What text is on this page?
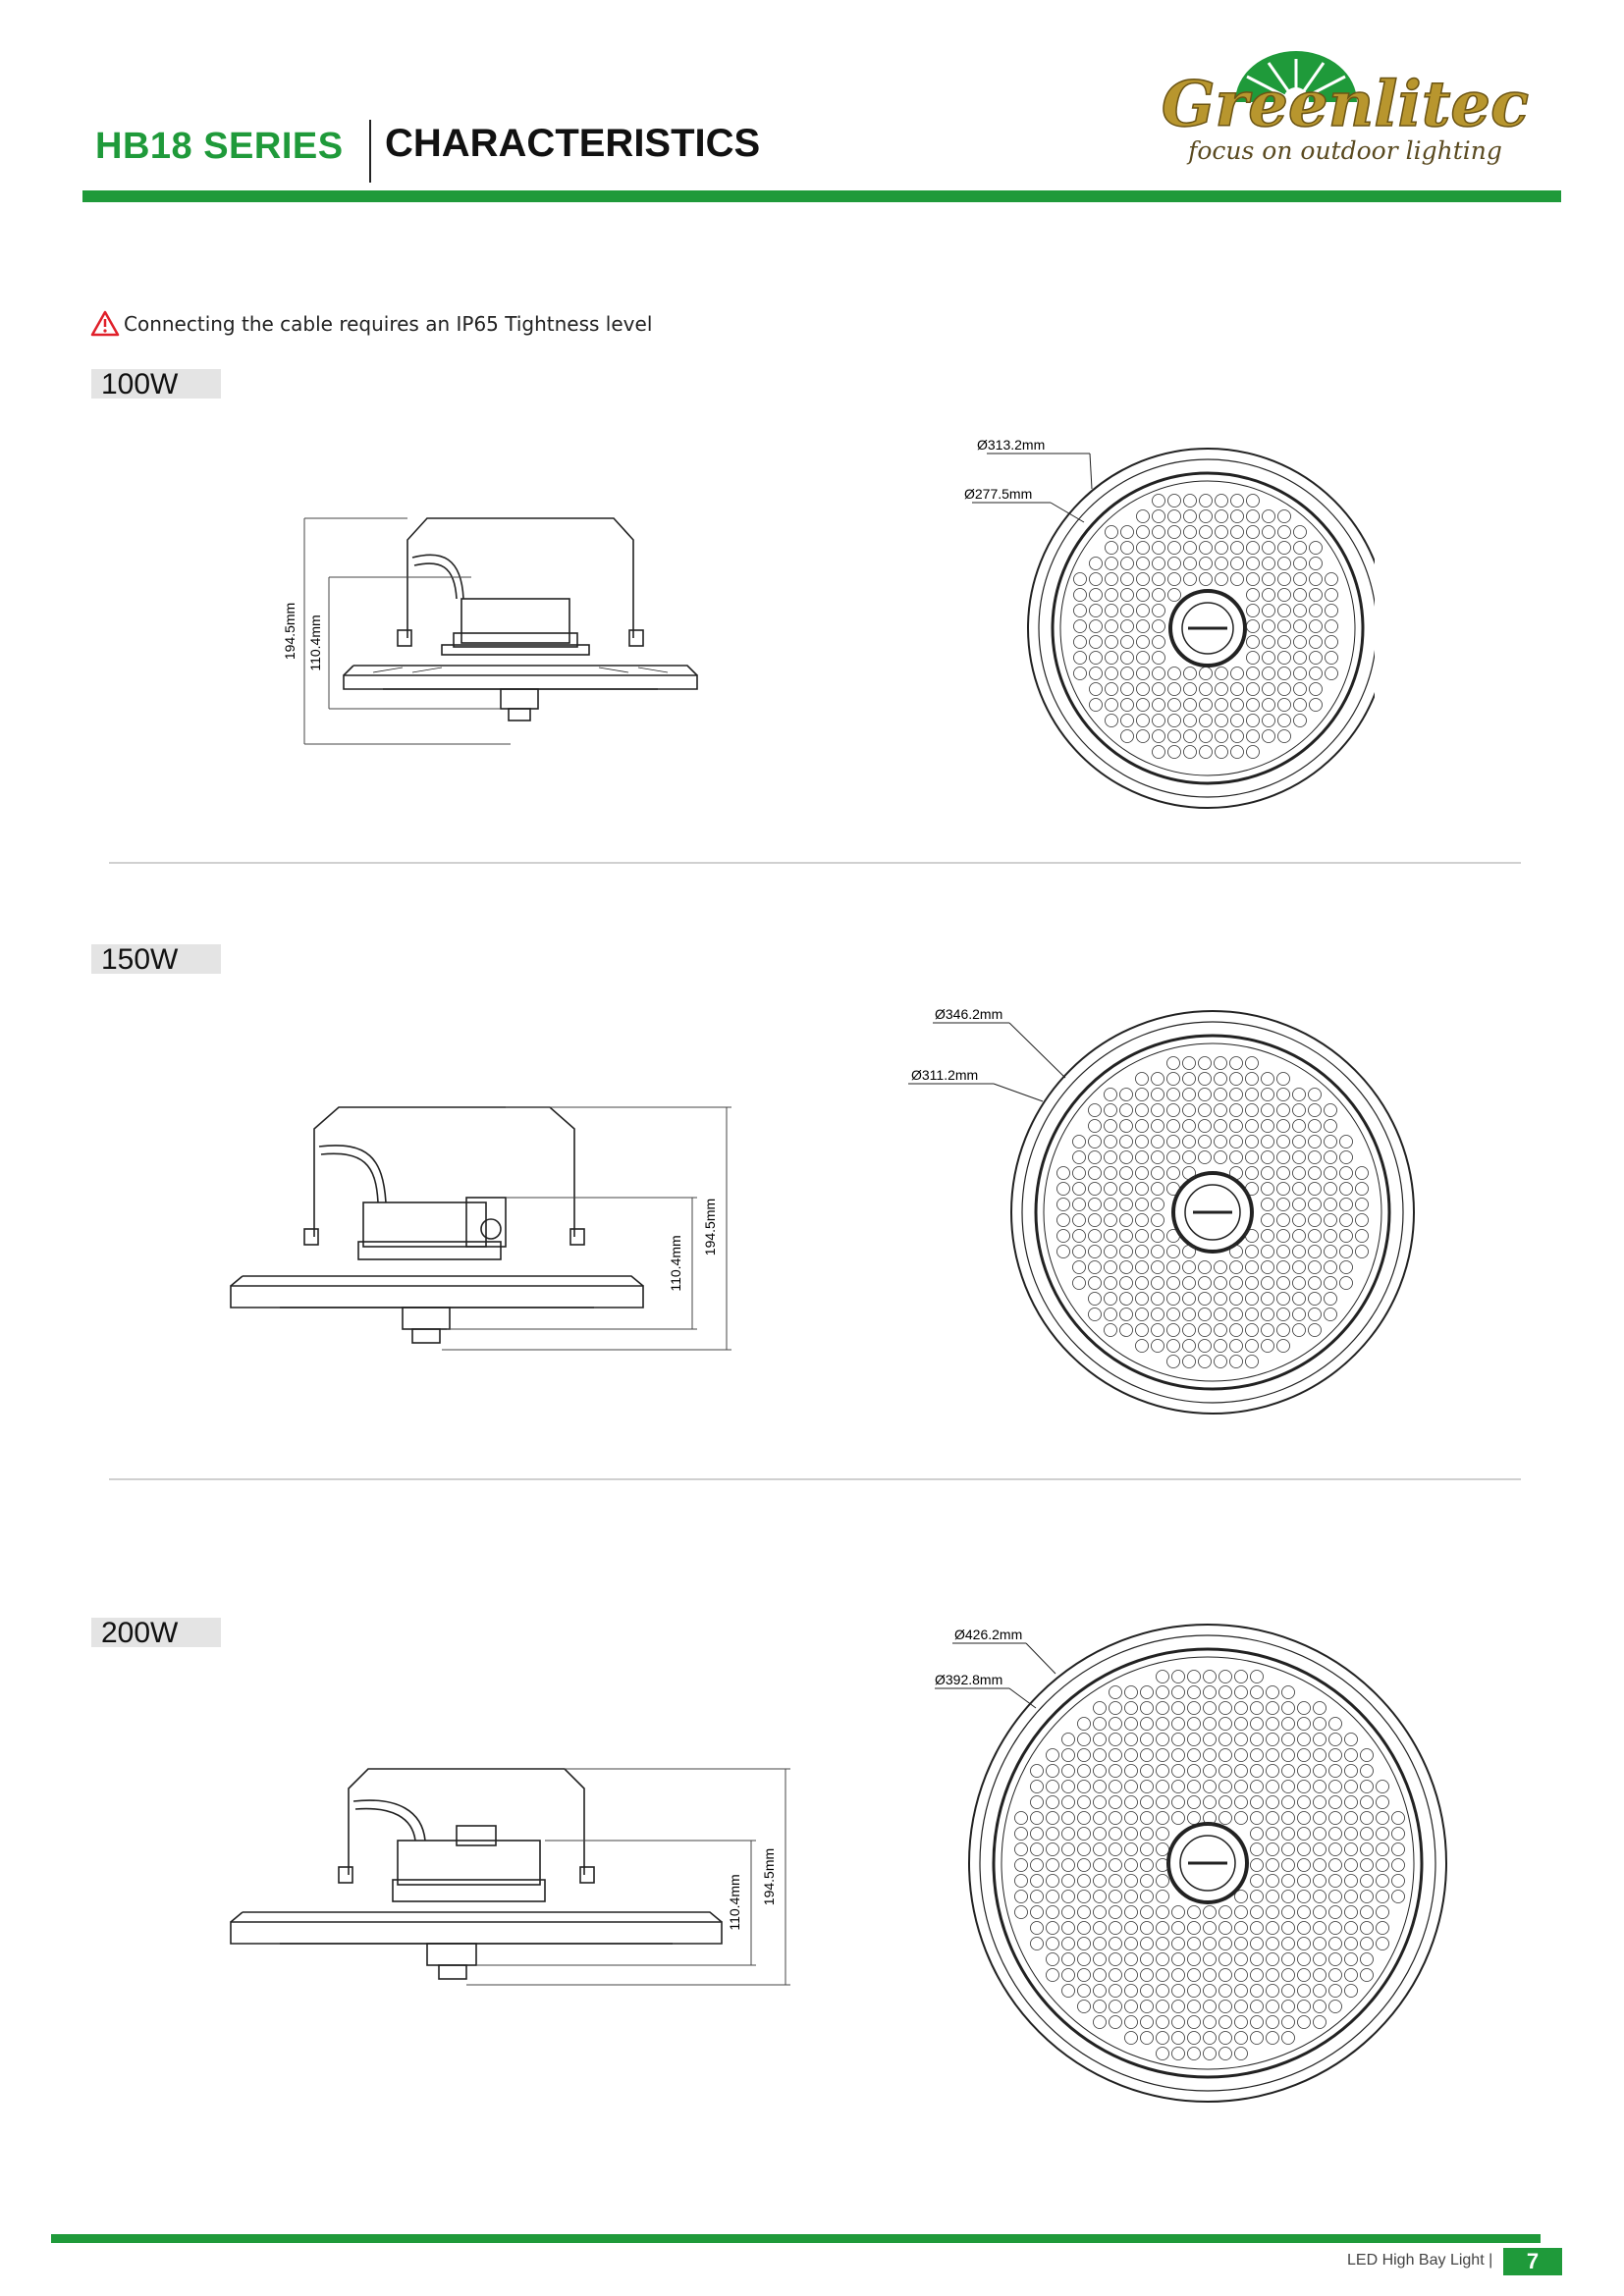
HB18 SERIES CHARACTERISTICS
Greenlitec
focus on outdoor lighting
Connecting the cable requires an IP65 Tightness level
100W
150W
200W
194.5mm 110.4mm
Ø313.2mm
Ø277.5mm
110.4mm
194.5mm
Ø346.2mm
Ø311.2mm
110.4mm 194.5mm
Ø426.2mm
Ø392.8mm
LED High Bay Light |	7
